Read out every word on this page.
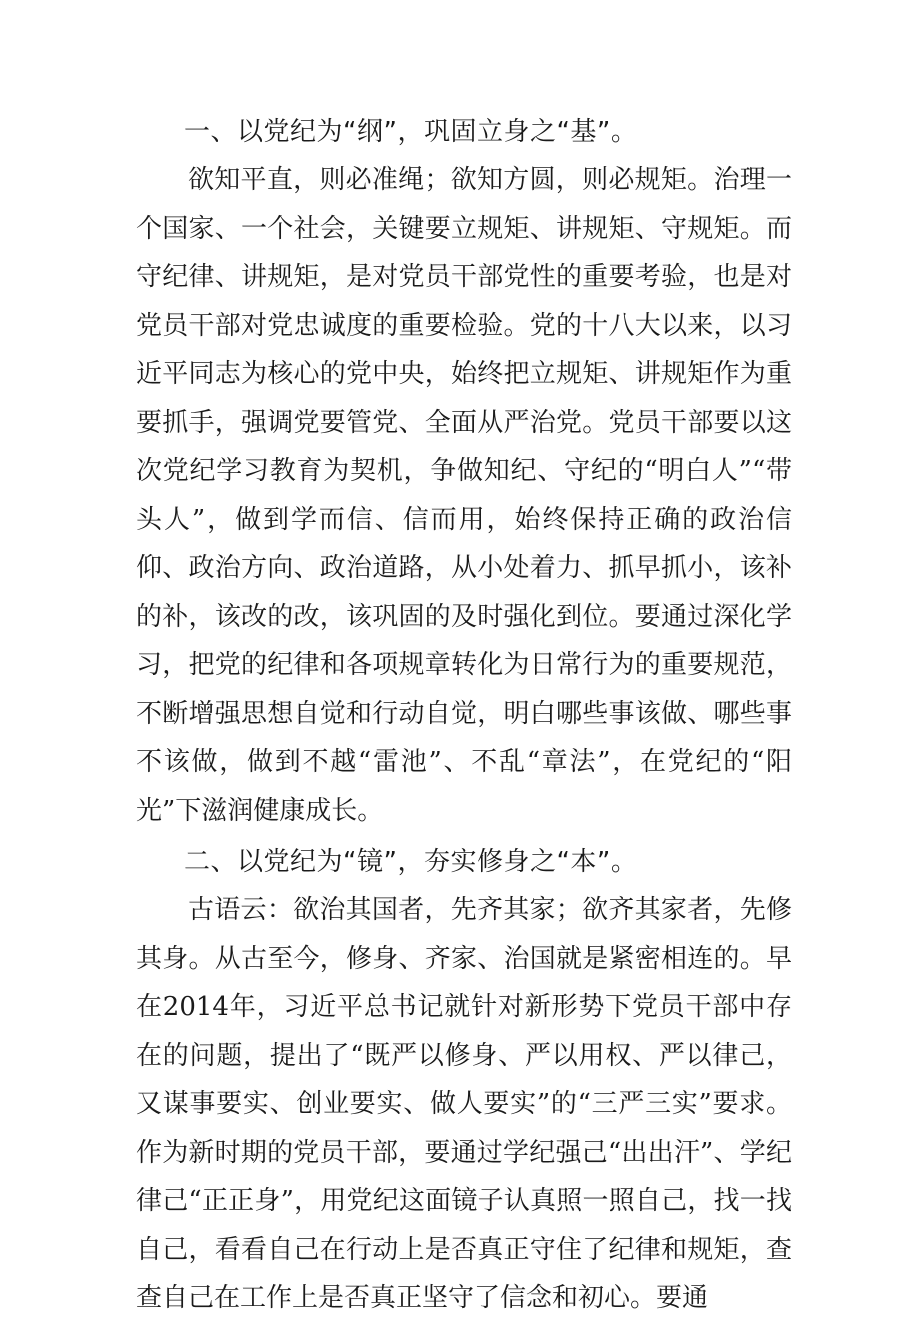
一、以党纪为“纲”，巩固立身之“基”。

欲知平直，则必准绳；欲知方圆，则必规矩。治理一个国家、一个社会，关键要立规矩、讲规矩、守规矩。而守纪律、讲规矩，是对党员干部党性的重要考验，也是对党员干部对党忠诚度的重要检验。党的十八大以来，以习近平同志为核心的党中央，始终把立规矩、讲规矩作为重要抓手，强调党要管党、全面从严治党。党员干部要以这次党纪学习教育为契机，争做知纪、守纪的“明白人”“带头人”，做到学而信、信而用，始终保持正确的政治信仰、政治方向、政治道路，从小处着力、抓早抓小，该补的补，该改的改，该巩固的及时强化到位。要通过深化学习，把党的纪律和各项规章转化为日常行为的重要规范，不断增强思想自觉和行动自觉，明白哪些事该做、哪些事不该做，做到不越“雷池”、不乱“章法”，在党纪的“阳光”下滋润健康成长。

二、以党纪为“镜”，夯实修身之“本”。

古语云：欲治其国者，先齐其家；欲齐其家者，先修其身。从古至今，修身、齐家、治国就是紧密相连的。早在2014年，习近平总书记就针对新形势下党员干部中存在的问题，提出了“既严以修身、严以用权、严以律己，又谋事要实、创业要实、做人要实”的“三严三实”要求。作为新时期的党员干部，要通过学纪强己“出出汗”、学纪律己“正正身”，用党纪这面镜子认真照一照自己，找一找自己，看看自己在行动上是否真正守住了纪律和规矩，查查自己在工作上是否真正坚守了信念和初心。要通
